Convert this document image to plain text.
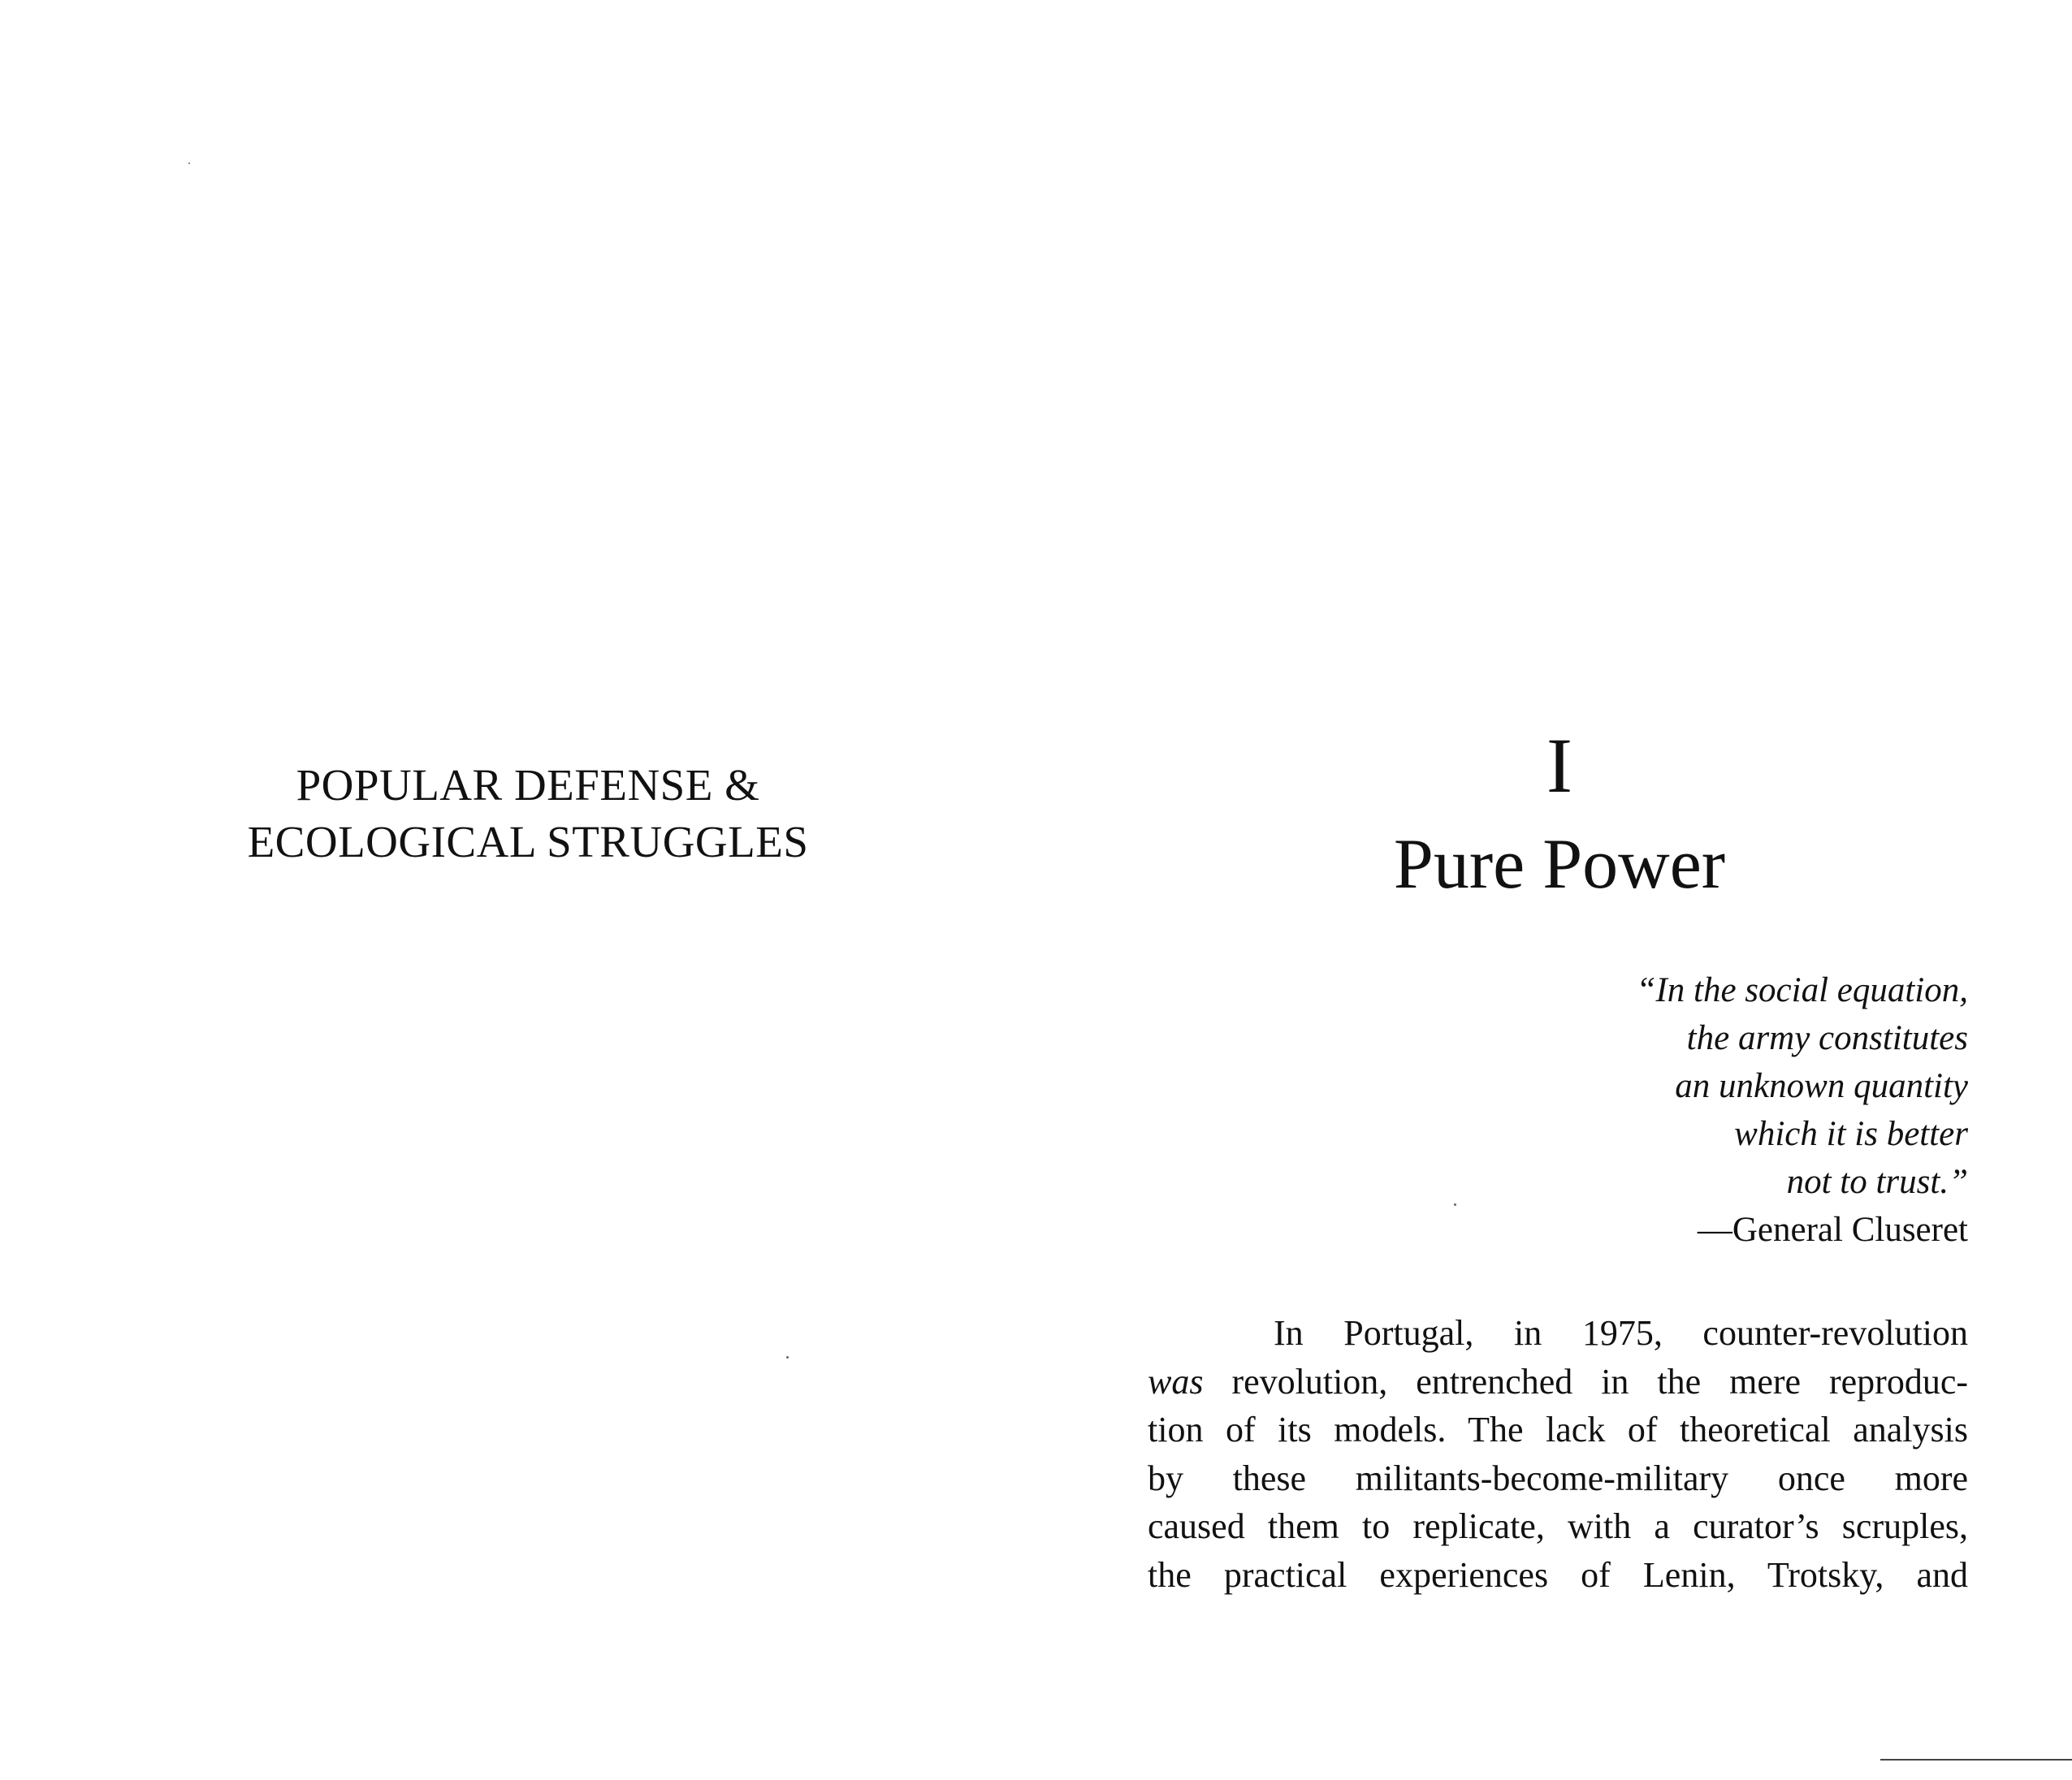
POPULAR DEFENSE &
ECOLOGICAL STRUGGLES
I
Pure Power
“In the social equation,
the army constitutes
an unknown quantity
which it is better
not to trust.”
—General Cluseret
In Portugal, in 1975, counter-revolution
was revolution, entrenched in the mere reproduc-
tion of its models. The lack of theoretical analysis
by these militants-become-military once more
caused them to replicate, with a curator’s scruples,
the practical experiences of Lenin, Trotsky, and
